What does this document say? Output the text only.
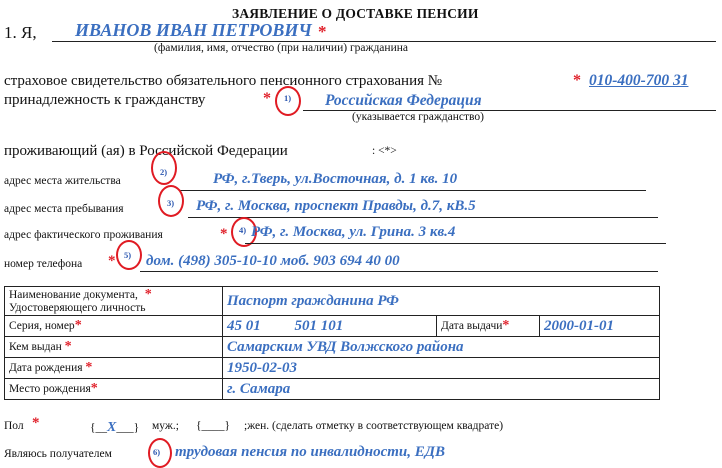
ЗАЯВЛЕНИЕ О ДОСТАВКЕ ПЕНСИИ
1. Я, ИВАНОВ ИВАН ПЕТРОВИЧ *
(фамилия, имя, отчество (при наличии) гражданина
страховое свидетельство обязательного пенсионного страхования №	* 010-400-700 31
принадлежность к гражданству	* 1) Российская Федерация
(указывается гражданство)
проживающий (ая) в Российской Федерации	: <*>
2)
адрес места жительства	РФ, г.Тверь, ул.Восточная, д. 1 кв. 10
3)
адрес места пребывания	РФ, г. Москва, проспект Правды, д.7, кВ.5
адрес фактического проживания	* 4) РФ, г. Москва, ул. Грина. 3 кв.4
номер телефона * 5) дом. (498) 305-10-10 моб. 903 694 40 00
Наименование документа, *
Удостоверяющего личность	Паспорт гражданина РФ		
Серия, номер*	45 01 501 101	Дата выдачи*	2000-01-01
Кем выдан *	Самарским УВД Волжского района		
Дата рождения *	1950-02-03		
Место рождения*	г. Самара		
Пол *	{__X___} муж.; {____} ;жен. (сделать отметку в соответствующем квадрате)
Являюсь получателем	6) трудовая пенсия по инвалидности, ЕДВ
